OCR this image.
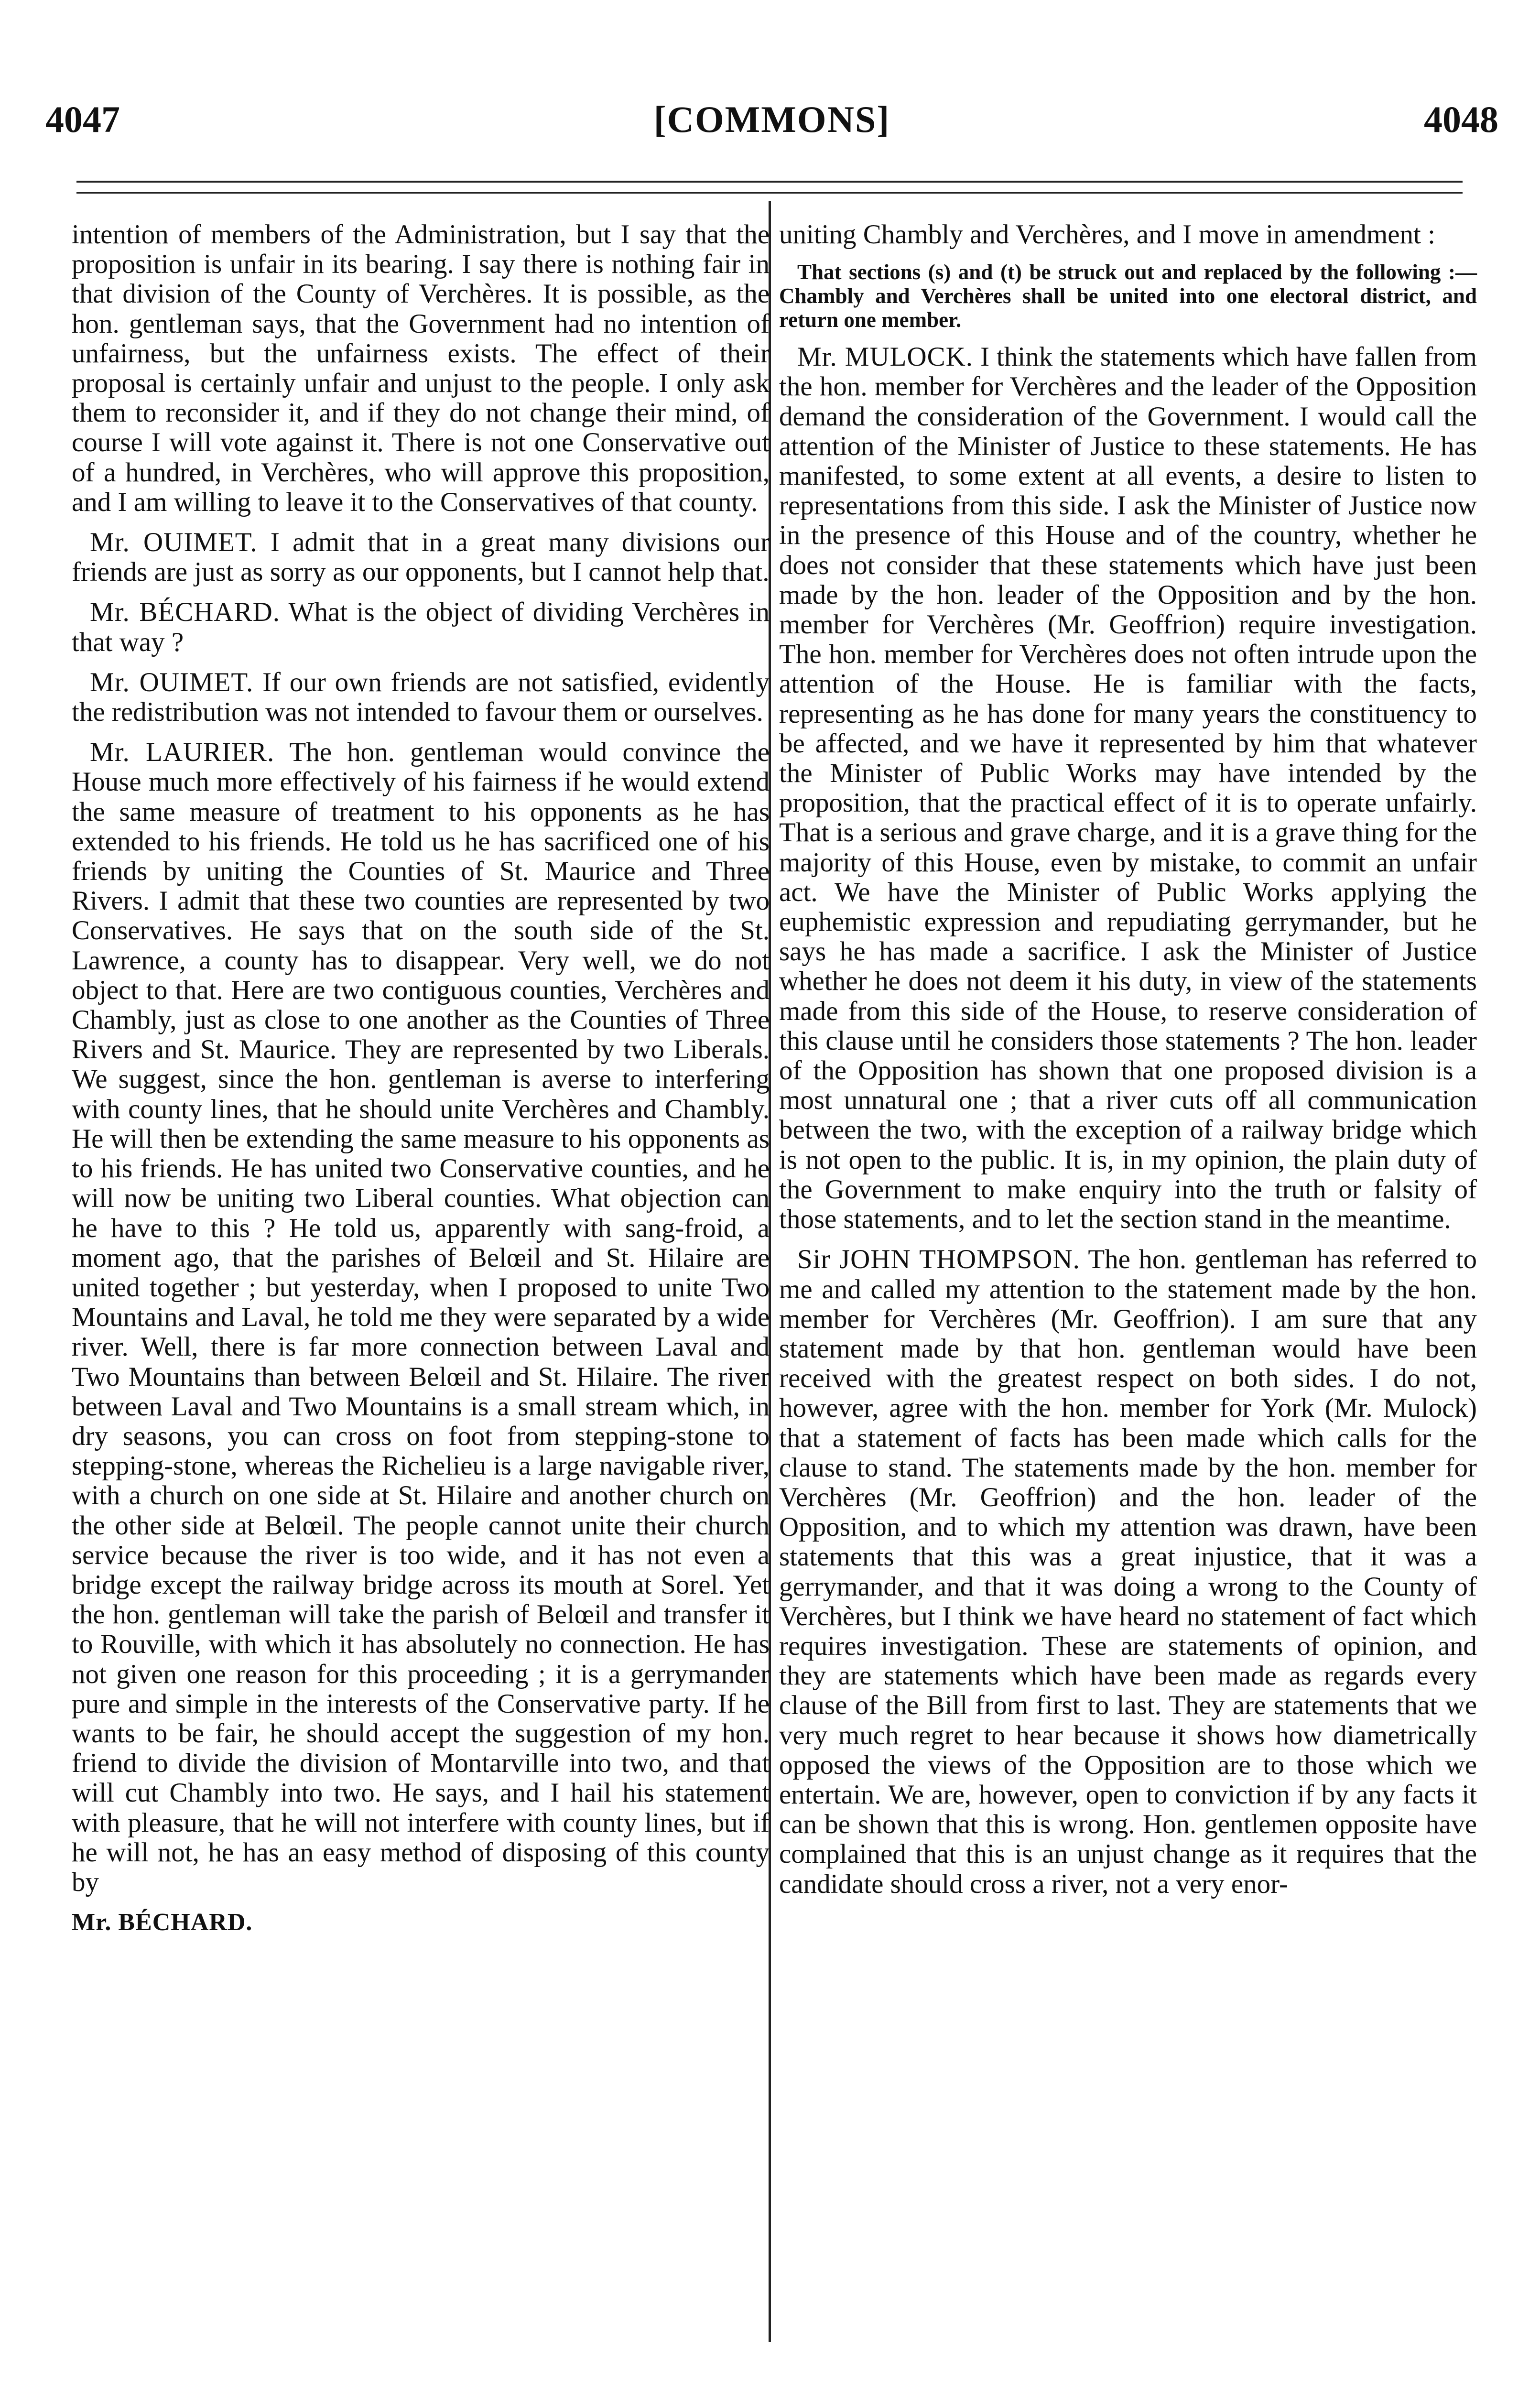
4047	[COMMONS]	4048

intention of members of the Administration, but I say that the proposition is unfair in its bearing. I say there is nothing fair in that division of the County of Verchères. It is possible, as the hon. gentleman says, that the Government had no intention of unfairness, but the unfairness exists. The effect of their proposal is certainly unfair and unjust to the people. I only ask them to reconsider it, and if they do not change their mind, of course I will vote against it. There is not one Conservative out of a hundred, in Verchères, who will approve this proposition, and I am willing to leave it to the Conservatives of that county.

Mr. OUIMET. I admit that in a great many divisions our friends are just as sorry as our opponents, but I cannot help that.

Mr. BÉCHARD. What is the object of dividing Verchères in that way ?

Mr. OUIMET. If our own friends are not satisfied, evidently the redistribution was not intended to favour them or ourselves.

Mr. LAURIER. The hon. gentleman would convince the House much more effectively of his fairness if he would extend the same measure of treatment to his opponents as he has extended to his friends. He told us he has sacrificed one of his friends by uniting the Counties of St. Maurice and Three Rivers. I admit that these two counties are represented by two Conservatives. He says that on the south side of the St. Lawrence, a county has to disappear. Very well, we do not object to that. Here are two contiguous counties, Verchères and Chambly, just as close to one another as the Counties of Three Rivers and St. Maurice. They are represented by two Liberals. We suggest, since the hon. gentleman is averse to interfering with county lines, that he should unite Verchères and Chambly. He will then be extending the same measure to his opponents as to his friends. He has united two Conservative counties, and he will now be uniting two Liberal counties. What objection can he have to this ? He told us, apparently with sang-froid, a moment ago, that the parishes of Belœil and St. Hilaire are united together ; but yesterday, when I proposed to unite Two Mountains and Laval, he told me they were separated by a wide river. Well, there is far more connection between Laval and Two Mountains than between Belœil and St. Hilaire. The river between Laval and Two Mountains is a small stream which, in dry seasons, you can cross on foot from stepping-stone to stepping-stone, whereas the Richelieu is a large navigable river, with a church on one side at St. Hilaire and another church on the other side at Belœil. The people cannot unite their church service because the river is too wide, and it has not even a bridge except the railway bridge across its mouth at Sorel. Yet the hon. gentleman will take the parish of Belœil and transfer it to Rouville, with which it has absolutely no connection. He has not given one reason for this proceeding ; it is a gerrymander pure and simple in the interests of the Conservative party. If he wants to be fair, he should accept the suggestion of my hon. friend to divide the division of Montarville into two, and that will cut Chambly into two. He says, and I hail his statement with pleasure, that he will not interfere with county lines, but if he will not, he has an easy method of disposing of this county by

Mr. BÉCHARD.

uniting Chambly and Verchères, and I move in amendment :

That sections (s) and (t) be struck out and replaced by the following :—Chambly and Verchères shall be united into one electoral district, and return one member.

Mr. MULOCK. I think the statements which have fallen from the hon. member for Verchères and the leader of the Opposition demand the consideration of the Government. I would call the attention of the Minister of Justice to these statements. He has manifested, to some extent at all events, a desire to listen to representations from this side. I ask the Minister of Justice now in the presence of this House and of the country, whether he does not consider that these statements which have just been made by the hon. leader of the Opposition and by the hon. member for Verchères (Mr. Geoffrion) require investigation. The hon. member for Verchères does not often intrude upon the attention of the House. He is familiar with the facts, representing as he has done for many years the constituency to be affected, and we have it represented by him that whatever the Minister of Public Works may have intended by the proposition, that the practical effect of it is to operate unfairly. That is a serious and grave charge, and it is a grave thing for the majority of this House, even by mistake, to commit an unfair act. We have the Minister of Public Works applying the euphemistic expression and repudiating gerrymander, but he says he has made a sacrifice. I ask the Minister of Justice whether he does not deem it his duty, in view of the statements made from this side of the House, to reserve consideration of this clause until he considers those statements ? The hon. leader of the Opposition has shown that one proposed division is a most unnatural one ; that a river cuts off all communication between the two, with the exception of a railway bridge which is not open to the public. It is, in my opinion, the plain duty of the Government to make enquiry into the truth or falsity of those statements, and to let the section stand in the meantime.

Sir JOHN THOMPSON. The hon. gentleman has referred to me and called my attention to the statement made by the hon. member for Verchères (Mr. Geoffrion). I am sure that any statement made by that hon. gentleman would have been received with the greatest respect on both sides. I do not, however, agree with the hon. member for York (Mr. Mulock) that a statement of facts has been made which calls for the clause to stand. The statements made by the hon. member for Verchères (Mr. Geoffrion) and the hon. leader of the Opposition, and to which my attention was drawn, have been statements that this was a great injustice, that it was a gerrymander, and that it was doing a wrong to the County of Verchères, but I think we have heard no statement of fact which requires investigation. These are statements of opinion, and they are statements which have been made as regards every clause of the Bill from first to last. They are statements that we very much regret to hear because it shows how diametrically opposed the views of the Opposition are to those which we entertain. We are, however, open to conviction if by any facts it can be shown that this is wrong. Hon. gentlemen opposite have complained that this is an unjust change as it requires that the candidate should cross a river, not a very enor-
